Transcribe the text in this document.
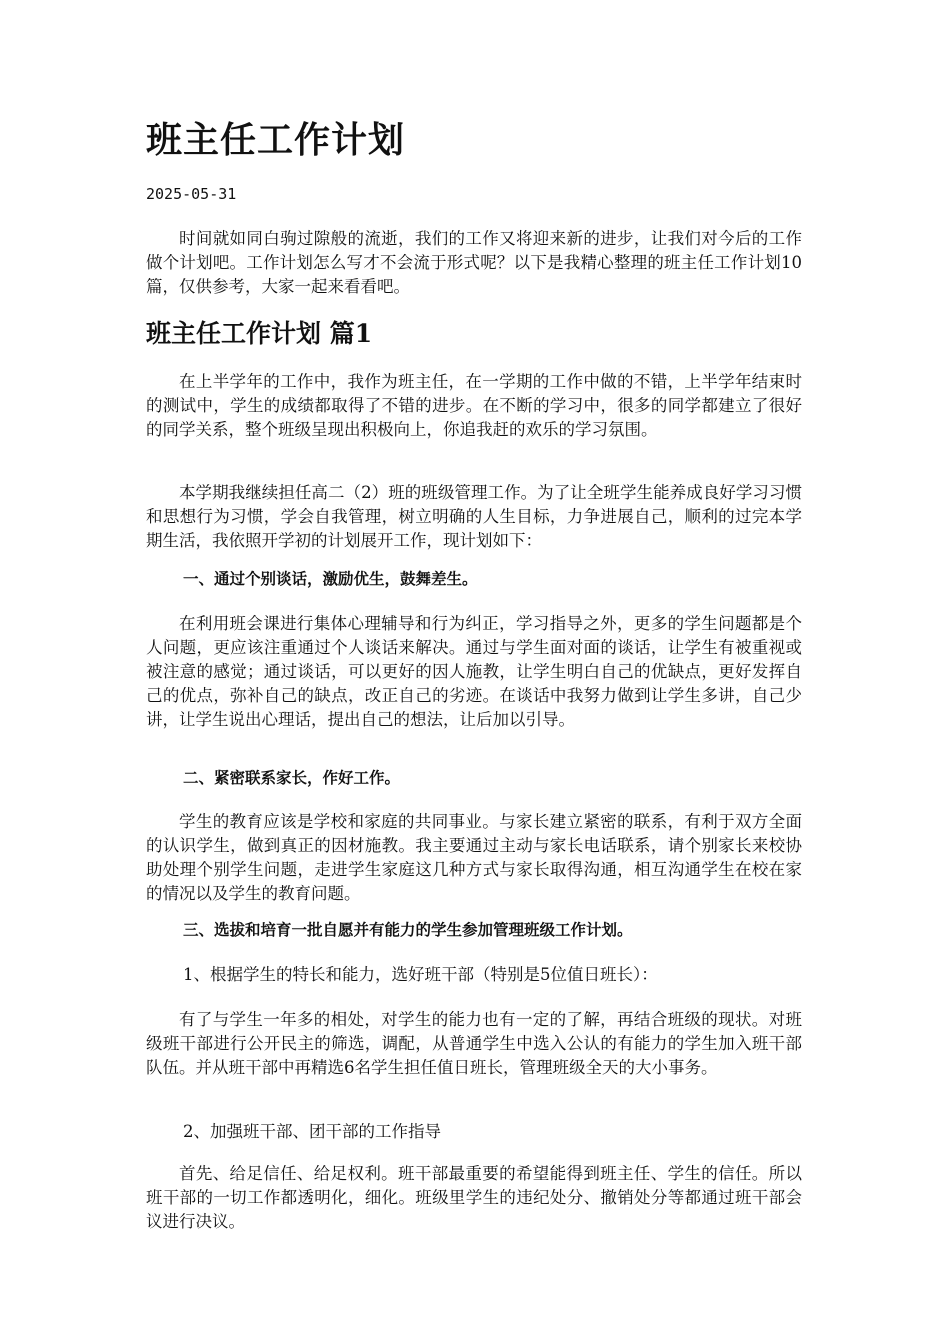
班主任工作计划
2025-05-31

时间就如同白驹过隙般的流逝，我们的工作又将迎来新的进步，让我们对今后的工作做个计划吧。工作计划怎么写才不会流于形式呢？以下是我精心整理的班主任工作计划10篇，仅供参考，大家一起来看看吧。

班主任工作计划 篇1

在上半学年的工作中，我作为班主任，在一学期的工作中做的不错，上半学年结束时的测试中，学生的成绩都取得了不错的进步。在不断的学习中，很多的同学都建立了很好的同学关系，整个班级呈现出积极向上，你追我赶的欢乐的学习氛围。

本学期我继续担任高二（2）班的班级管理工作。为了让全班学生能养成良好学习习惯和思想行为习惯，学会自我管理，树立明确的人生目标，力争进展自己，顺利的过完本学期生活，我依照开学初的计划展开工作，现计划如下：

一、通过个别谈话，激励优生，鼓舞差生。

在利用班会课进行集体心理辅导和行为纠正，学习指导之外，更多的学生问题都是个人问题，更应该注重通过个人谈话来解决。通过与学生面对面的谈话，让学生有被重视或被注意的感觉；通过谈话，可以更好的因人施教，让学生明白自己的优缺点，更好发挥自己的优点，弥补自己的缺点，改正自己的劣迹。在谈话中我努力做到让学生多讲，自己少讲，让学生说出心理话，提出自己的想法，让后加以引导。

二、紧密联系家长，作好工作。

学生的教育应该是学校和家庭的共同事业。与家长建立紧密的联系，有利于双方全面的认识学生，做到真正的因材施教。我主要通过主动与家长电话联系，请个别家长来校协助处理个别学生问题，走进学生家庭这几种方式与家长取得沟通，相互沟通学生在校在家的情况以及学生的教育问题。

三、选拔和培育一批自愿并有能力的学生参加管理班级工作计划。

1、根据学生的特长和能力，选好班干部（特别是5位值日班长）：

有了与学生一年多的相处，对学生的能力也有一定的了解，再结合班级的现状。对班级班干部进行公开民主的筛选，调配，从普通学生中选入公认的有能力的学生加入班干部队伍。并从班干部中再精选6名学生担任值日班长，管理班级全天的大小事务。

2、加强班干部、团干部的工作指导

首先、给足信任、给足权利。班干部最重要的希望能得到班主任、学生的信任。所以班干部的一切工作都透明化，细化。班级里学生的违纪处分、撤销处分等都通过班干部会议进行决议。
